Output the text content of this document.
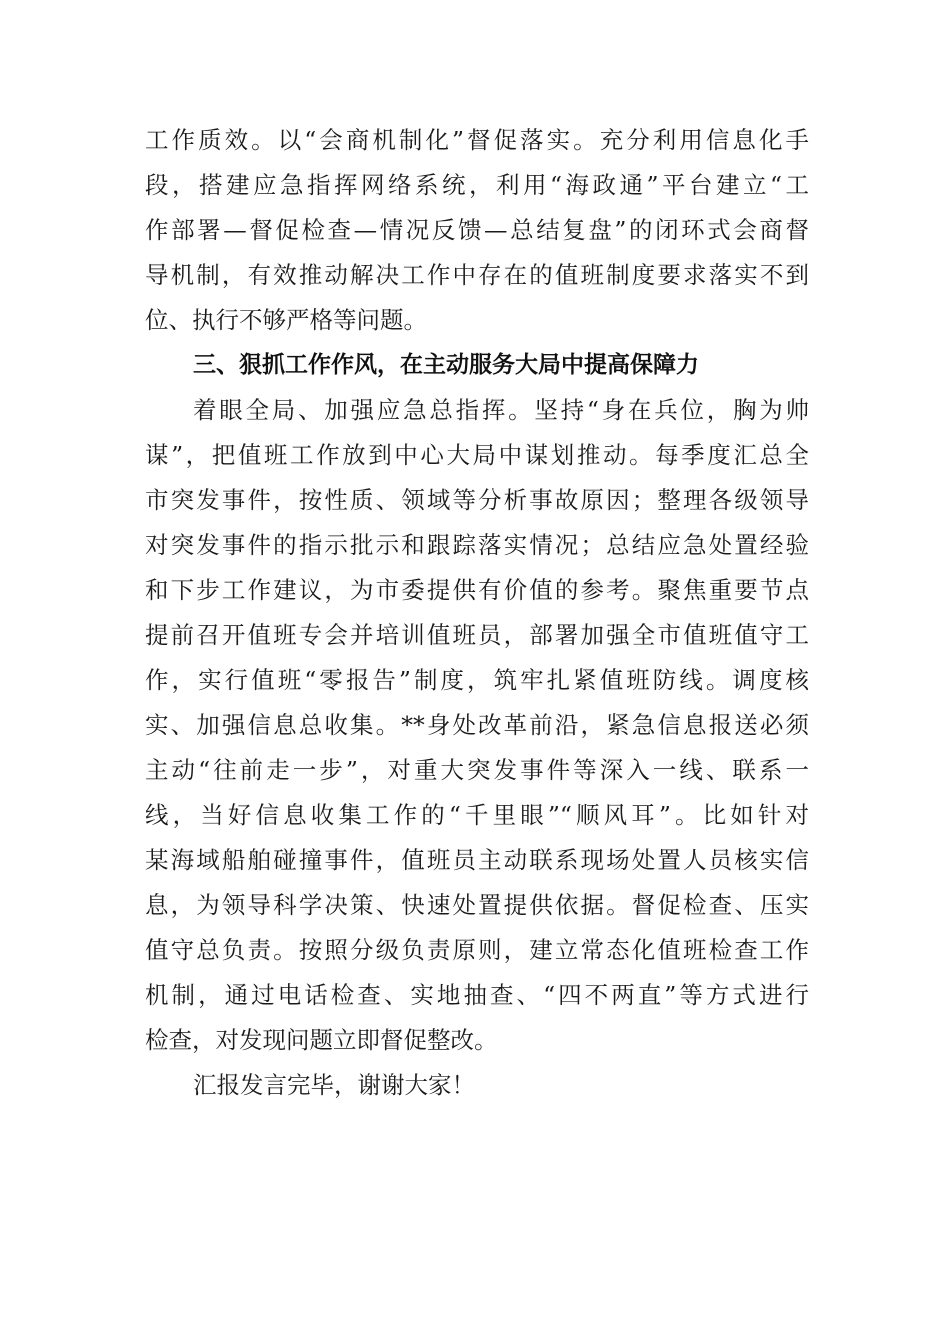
工作质效。以“会商机制化”督促落实。充分利用信息化手
段，搭建应急指挥网络系统，利用“海政通”平台建立“工
作部署—督促检查—情况反馈—总结复盘”的闭环式会商督
导机制，有效推动解决工作中存在的值班制度要求落实不到
位、执行不够严格等问题。
三、狠抓工作作风，在主动服务大局中提高保障力
着眼全局、加强应急总指挥。坚持“身在兵位，胸为帅
谋”，把值班工作放到中心大局中谋划推动。每季度汇总全
市突发事件，按性质、领域等分析事故原因；整理各级领导
对突发事件的指示批示和跟踪落实情况；总结应急处置经验
和下步工作建议，为市委提供有价值的参考。聚焦重要节点
提前召开值班专会并培训值班员，部署加强全市值班值守工
作，实行值班“零报告”制度，筑牢扎紧值班防线。调度核
实、加强信息总收集。**身处改革前沿，紧急信息报送必须
主动“往前走一步”，对重大突发事件等深入一线、联系一
线，当好信息收集工作的“千里眼”“顺风耳”。比如针对
某海域船舶碰撞事件，值班员主动联系现场处置人员核实信
息，为领导科学决策、快速处置提供依据。督促检查、压实
值守总负责。按照分级负责原则，建立常态化值班检查工作
机制，通过电话检查、实地抽查、“四不两直”等方式进行
检查，对发现问题立即督促整改。
汇报发言完毕，谢谢大家！
